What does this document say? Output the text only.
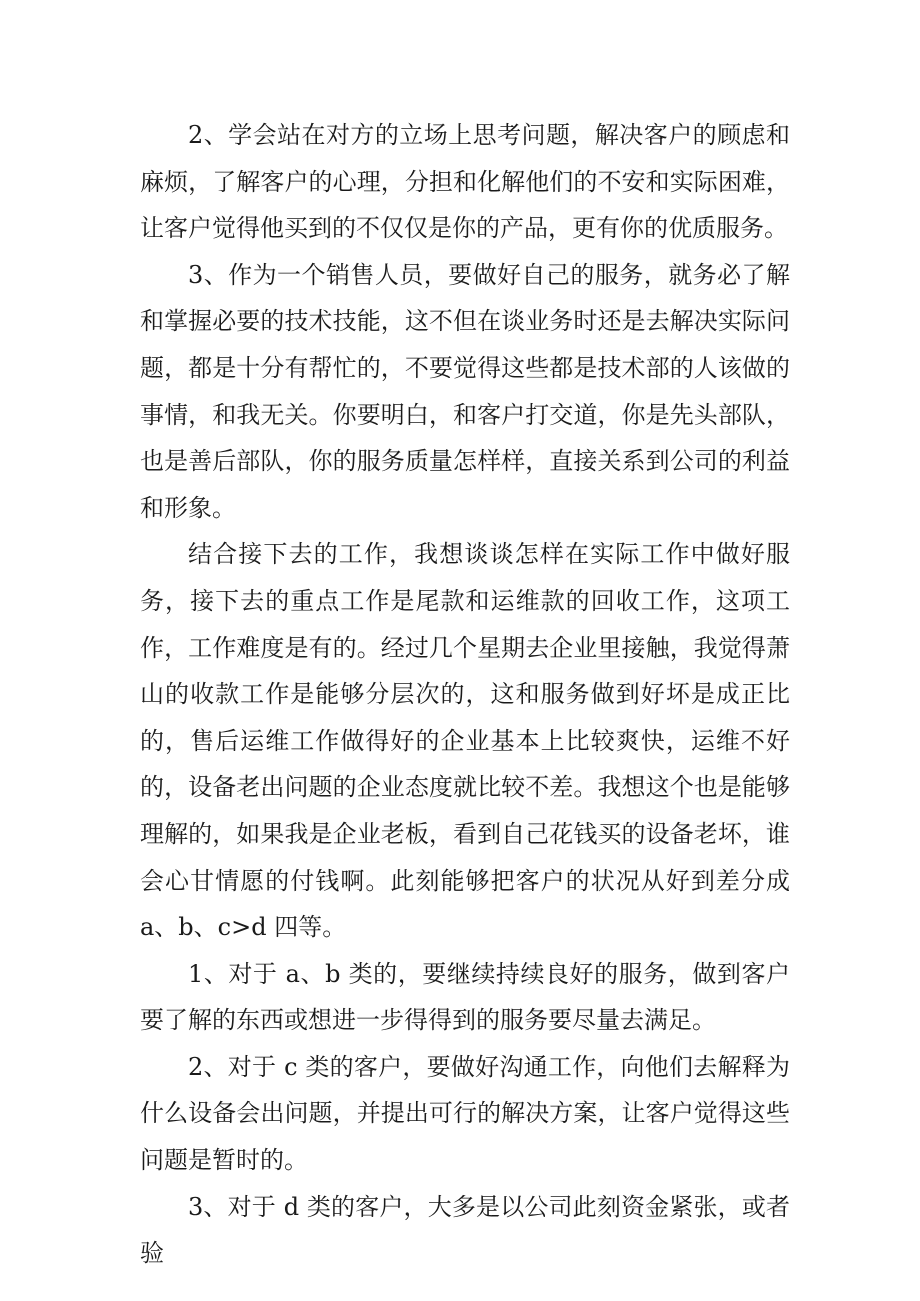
2、学会站在对方的立场上思考问题，解决客户的顾虑和麻烦，了解客户的心理，分担和化解他们的不安和实际困难，让客户觉得他买到的不仅仅是你的产品，更有你的优质服务。

3、作为一个销售人员，要做好自己的服务，就务必了解和掌握必要的技术技能，这不但在谈业务时还是去解决实际问题，都是十分有帮忙的，不要觉得这些都是技术部的人该做的事情，和我无关。你要明白，和客户打交道，你是先头部队，也是善后部队，你的服务质量怎样样，直接关系到公司的利益和形象。

结合接下去的工作，我想谈谈怎样在实际工作中做好服务，接下去的重点工作是尾款和运维款的回收工作，这项工作，工作难度是有的。经过几个星期去企业里接触，我觉得萧山的收款工作是能够分层次的，这和服务做到好坏是成正比的，售后运维工作做得好的企业基本上比较爽快，运维不好的，设备老出问题的企业态度就比较不差。我想这个也是能够理解的，如果我是企业老板，看到自己花钱买的设备老坏，谁会心甘情愿的付钱啊。此刻能够把客户的状况从好到差分成 a、b、c>d 四等。

1、对于 a、b 类的，要继续持续良好的服务，做到客户要了解的东西或想进一步得得到的服务要尽量去满足。

2、对于 c 类的客户，要做好沟通工作，向他们去解释为什么设备会出问题，并提出可行的解决方案，让客户觉得这些问题是暂时的。

3、对于 d 类的客户，大多是以公司此刻资金紧张，或者验
